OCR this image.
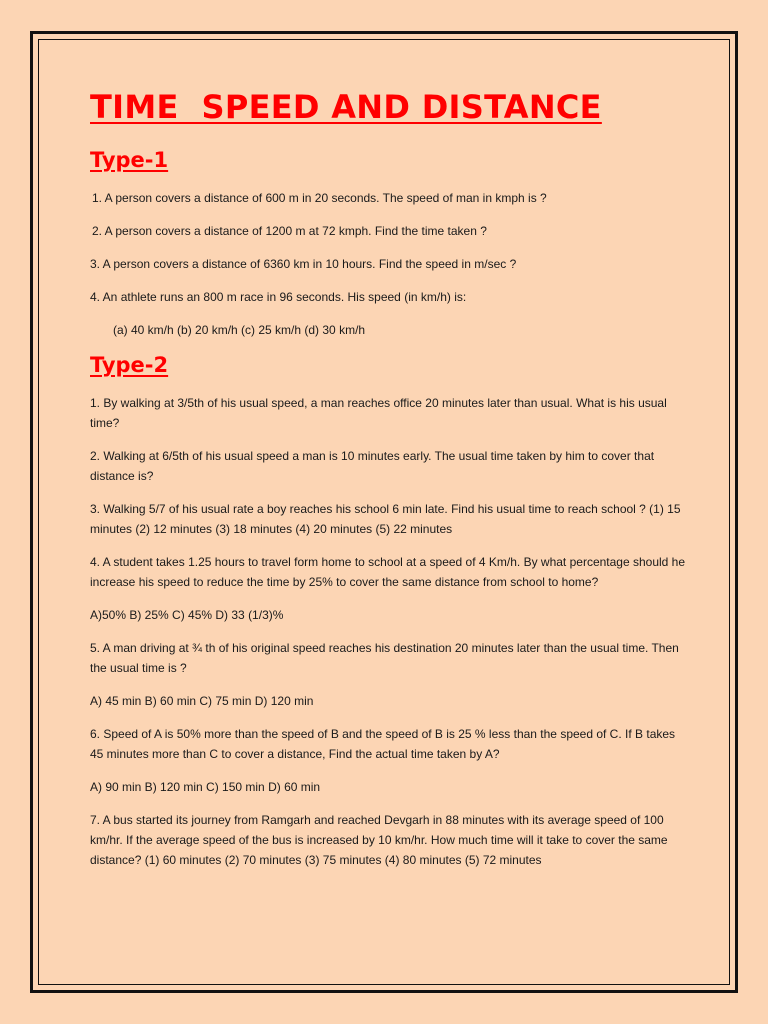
TIME  SPEED AND DISTANCE
Type-1

1. A person covers a distance of 600 m in 20 seconds. The speed of man in kmph is ?

2. A person covers a distance of 1200 m at 72 kmph. Find the time taken ?

3. A person covers a distance of 6360 km in 10 hours. Find the speed in m/sec ?

4. An athlete runs an 800 m race in 96 seconds. His speed (in km/h) is:

(a) 40 km/h (b) 20 km/h (c) 25 km/h (d) 30 km/h

Type-2

1. By walking at 3/5th of his usual speed, a man reaches office 20 minutes later than usual. What is his usual time?

2. Walking at 6/5th of his usual speed a man is 10 minutes early. The usual time taken by him to cover that distance is?

3. Walking 5/7 of his usual rate a boy reaches his school 6 min late. Find his usual time to reach school ? (1) 15 minutes (2) 12 minutes (3) 18 minutes (4) 20 minutes (5) 22 minutes

4. A student takes 1.25 hours to travel form home to school at a speed of 4 Km/h. By what percentage should he increase his speed to reduce the time by 25% to cover the same distance from school to home?

A)50% B) 25% C) 45% D) 33 (1/3)%

5. A man driving at ¾ th of his original speed reaches his destination 20 minutes later than the usual time. Then the usual time is ?

A) 45 min B) 60 min C) 75 min D) 120 min

6. Speed of A is 50% more than the speed of B and the speed of B is 25 % less than the speed of C. If B takes 45 minutes more than C to cover a distance, Find the actual time taken by A?

A) 90 min B) 120 min C) 150 min D) 60 min

7. A bus started its journey from Ramgarh and reached Devgarh in 88 minutes with its average speed of 100 km/hr. If the average speed of the bus is increased by 10 km/hr. How much time will it take to cover the same distance? (1) 60 minutes (2) 70 minutes (3) 75 minutes (4) 80 minutes (5) 72 minutes
